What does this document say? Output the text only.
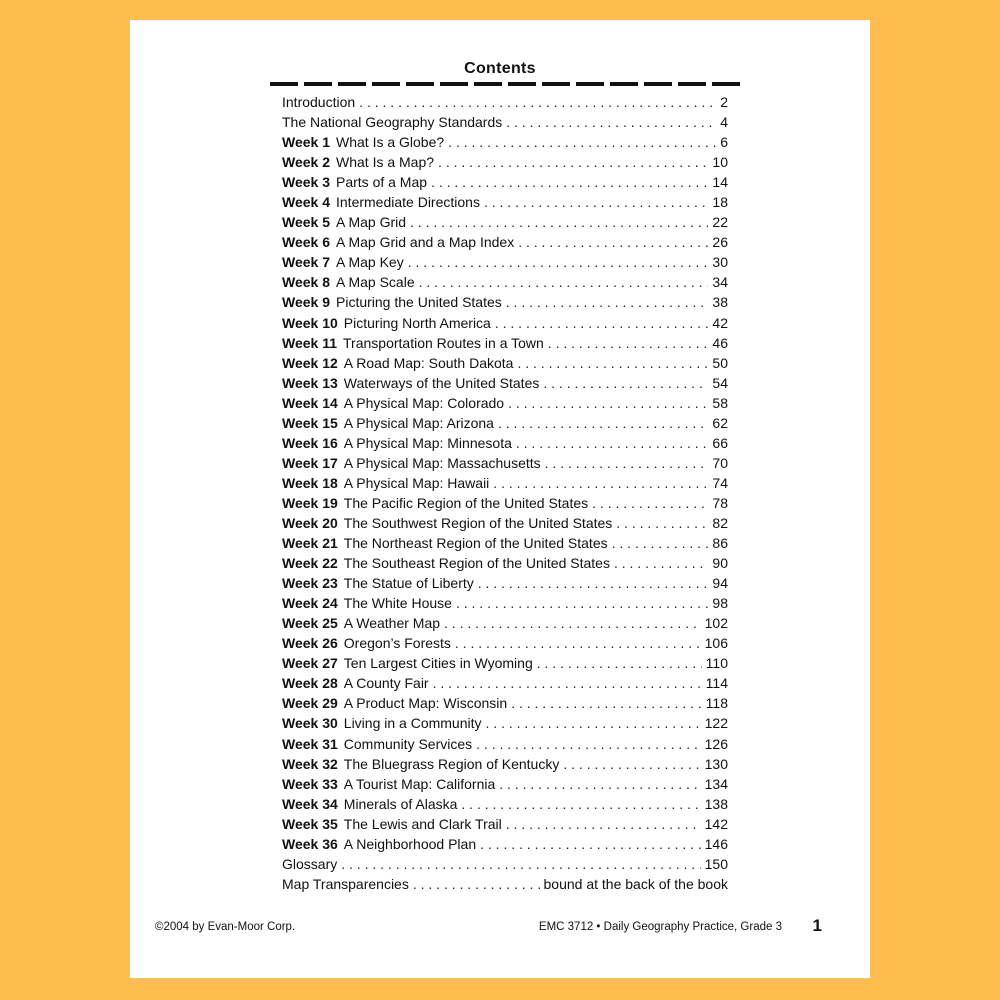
Contents
Introduction . . .	2
The National Geography Standards . . .	4
Week 1 What Is a Globe? . . .	6
Week 2 What Is a Map? . . .	10
Week 3 Parts of a Map . . .	14
Week 4 Intermediate Directions . . .	18
Week 5 A Map Grid . . .	22
Week 6 A Map Grid and a Map Index . . .	26
Week 7 A Map Key . . .	30
Week 8 A Map Scale . . .	34
Week 9 Picturing the United States . . .	38
Week 10 Picturing North America . . .	42
Week 11 Transportation Routes in a Town . . .	46
Week 12 A Road Map: South Dakota . . .	50
Week 13 Waterways of the United States . . .	54
Week 14 A Physical Map: Colorado . . .	58
Week 15 A Physical Map: Arizona . . .	62
Week 16 A Physical Map: Minnesota . . .	66
Week 17 A Physical Map: Massachusetts . . .	70
Week 18 A Physical Map: Hawaii . . .	74
Week 19 The Pacific Region of the United States . . .	78
Week 20 The Southwest Region of the United States . . .	82
Week 21 The Northeast Region of the United States . . .	86
Week 22 The Southeast Region of the United States . . .	90
Week 23 The Statue of Liberty . . .	94
Week 24 The White House . . .	98
Week 25 A Weather Map . . .	102
Week 26 Oregon’s Forests . . .	106
Week 27 Ten Largest Cities in Wyoming . . .	110
Week 28 A County Fair . . .	114
Week 29 A Product Map: Wisconsin . . .	118
Week 30 Living in a Community . . .	122
Week 31 Community Services . . .	126
Week 32 The Bluegrass Region of Kentucky . . .	130
Week 33 A Tourist Map: California . . .	134
Week 34 Minerals of Alaska . . .	138
Week 35 The Lewis and Clark Trail . . .	142
Week 36 A Neighborhood Plan . . .	146
Glossary . . .	150
Map Transparencies . . .	bound at the back of the book
©2004 by Evan-Moor Corp.	EMC 3712 • Daily Geography Practice, Grade 3 1
